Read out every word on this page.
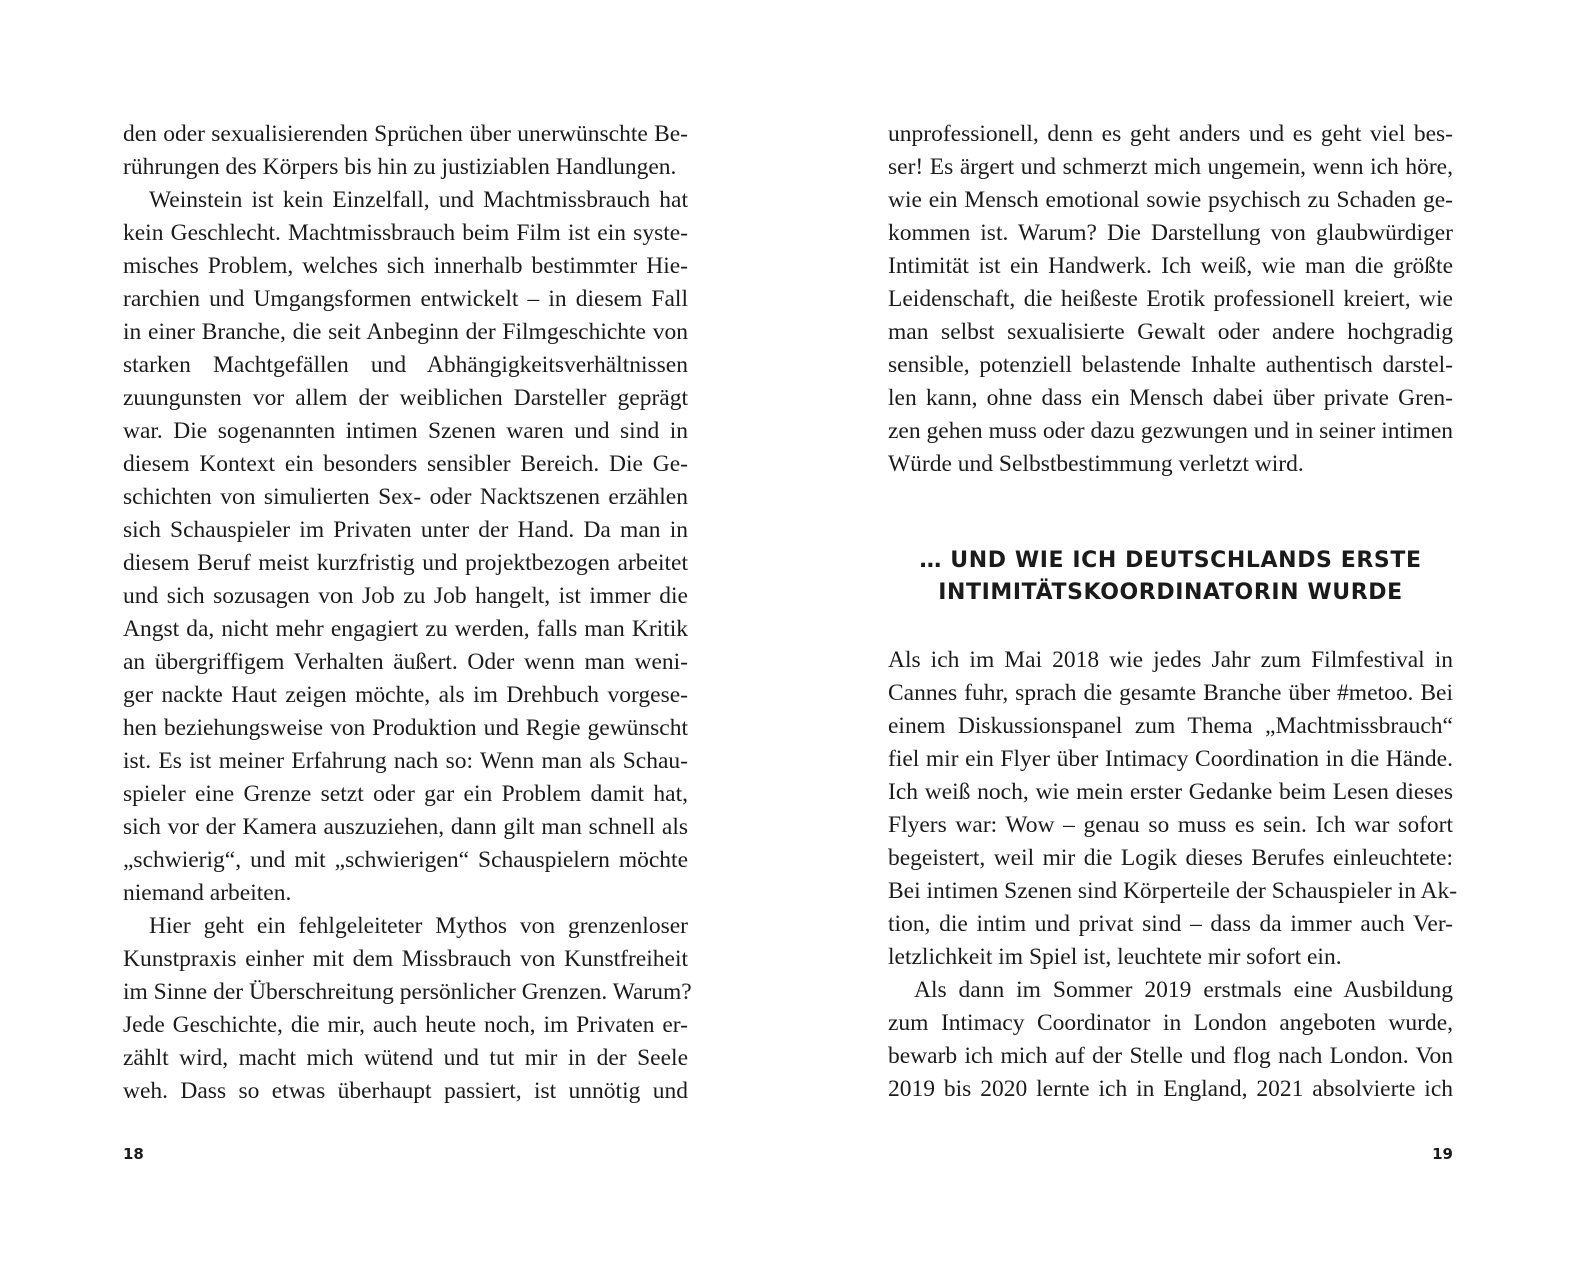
den oder sexualisierenden Sprüchen über unerwünschte Be-
rührungen des Körpers bis hin zu justiziablen Handlungen.
Weinstein ist kein Einzelfall, und Machtmissbrauch hat
kein Geschlecht. Machtmissbrauch beim Film ist ein syste-
misches Problem, welches sich innerhalb bestimmter Hie-
rarchien und Umgangsformen entwickelt – in diesem Fall
in einer Branche, die seit Anbeginn der Filmgeschichte von
starken Machtgefällen und Abhängigkeitsverhältnissen
zuungunsten vor allem der weiblichen Darsteller geprägt
war. Die sogenannten intimen Szenen waren und sind in
diesem Kontext ein besonders sensibler Bereich. Die Ge-
schichten von simulierten Sex- oder Nacktszenen erzählen
sich Schauspieler im Privaten unter der Hand. Da man in
diesem Beruf meist kurzfristig und projektbezogen arbeitet
und sich sozusagen von Job zu Job hangelt, ist immer die
Angst da, nicht mehr engagiert zu werden, falls man Kritik
an übergriffigem Verhalten äußert. Oder wenn man weni-
ger nackte Haut zeigen möchte, als im Drehbuch vorgese-
hen beziehungsweise von Produktion und Regie gewünscht
ist. Es ist meiner Erfahrung nach so: Wenn man als Schau-
spieler eine Grenze setzt oder gar ein Problem damit hat,
sich vor der Kamera auszuziehen, dann gilt man schnell als
„schwierig“, und mit „schwierigen“ Schauspielern möchte
niemand arbeiten.
Hier geht ein fehlgeleiteter Mythos von grenzenloser
Kunstpraxis einher mit dem Missbrauch von Kunstfreiheit
im Sinne der Überschreitung persönlicher Grenzen. Warum?
Jede Geschichte, die mir, auch heute noch, im Privaten er-
zählt wird, macht mich wütend und tut mir in der Seele
weh. Dass so etwas überhaupt passiert, ist unnötig und
18
unprofessionell, denn es geht anders und es geht viel bes-
ser! Es ärgert und schmerzt mich ungemein, wenn ich höre,
wie ein Mensch emotional sowie psychisch zu Schaden ge-
kommen ist. Warum? Die Darstellung von glaubwürdiger
Intimität ist ein Handwerk. Ich weiß, wie man die größte
Leidenschaft, die heißeste Erotik professionell kreiert, wie
man selbst sexualisierte Gewalt oder andere hochgradig
sensible, potenziell belastende Inhalte authentisch darstel-
len kann, ohne dass ein Mensch dabei über private Gren-
zen gehen muss oder dazu gezwungen und in seiner intimen
Würde und Selbstbestimmung verletzt wird.
… UND WIE ICH DEUTSCHLANDS ERSTE
INTIMITÄTSKOORDINATORIN WURDE
Als ich im Mai 2018 wie jedes Jahr zum Filmfestival in
Cannes fuhr, sprach die gesamte Branche über #metoo. Bei
einem Diskussionspanel zum Thema „Machtmissbrauch“
fiel mir ein Flyer über Intimacy Coordination in die Hände.
Ich weiß noch, wie mein erster Gedanke beim Lesen dieses
Flyers war: Wow – genau so muss es sein. Ich war sofort
begeistert, weil mir die Logik dieses Berufes einleuchtete:
Bei intimen Szenen sind Körperteile der Schauspieler in Ak-
tion, die intim und privat sind – dass da immer auch Ver-
letzlichkeit im Spiel ist, leuchtete mir sofort ein.
Als dann im Sommer 2019 erstmals eine Ausbildung
zum Intimacy Coordinator in London angeboten wurde,
bewarb ich mich auf der Stelle und flog nach London. Von
2019 bis 2020 lernte ich in England, 2021 absolvierte ich
19
